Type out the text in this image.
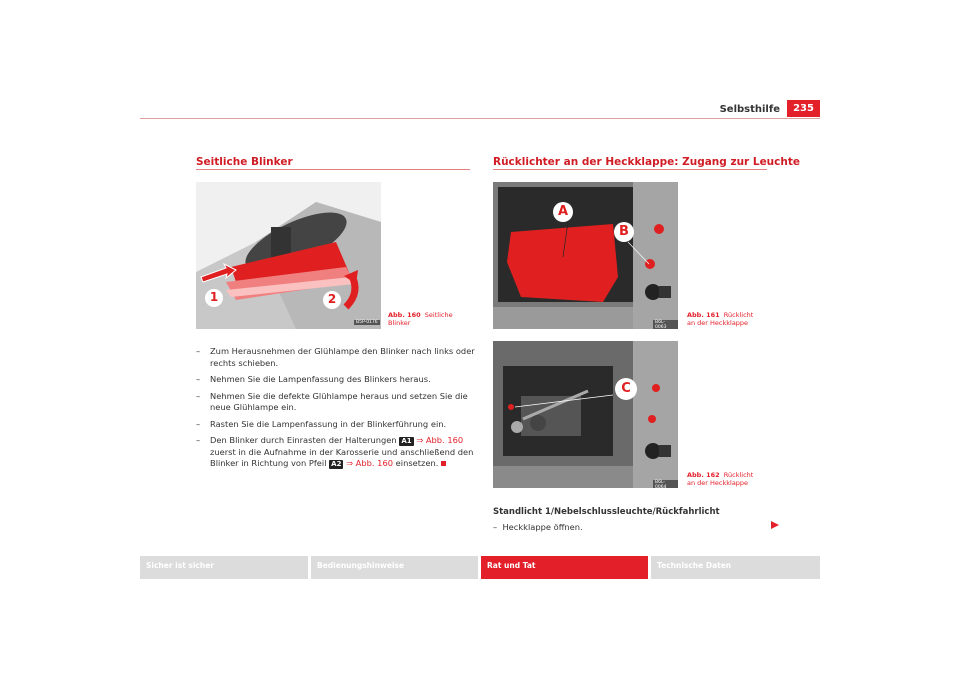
Selbsthilfe	235
Seitliche Blinker
1	2
B5P-0176
Abb. 160 Seitliche Blinker
– Zum Herausnehmen der Glühlampe den Blinker nach links oder rechts schieben.
– Nehmen Sie die Lampenfassung des Blinkers heraus.
– Nehmen Sie die defekte Glühlampe heraus und setzen Sie die neue Glühlampe ein.
– Rasten Sie die Lampenfassung in der Blinkerführung ein.
– Den Blinker durch Einrasten der Halterungen A1 ⇒ Abb. 160 zuerst in die Aufnahme in der Karosserie und anschließend den Blinker in Richtung von Pfeil A2 ⇒ Abb. 160 einsetzen.
Rücklichter an der Heckklappe: Zugang zur Leuchte
A
B
B6L-0063
Abb. 161 Rücklicht an der Heckklappe
C
B6L-0064
Abb. 162 Rücklicht an der Heckklappe
Standlicht 1/Nebelschlussleuchte/Rückfahrlicht
– Heckklappe öffnen.
Sicher ist sicher	Bedienungshinweise	Rat und Tat	Technische Daten
